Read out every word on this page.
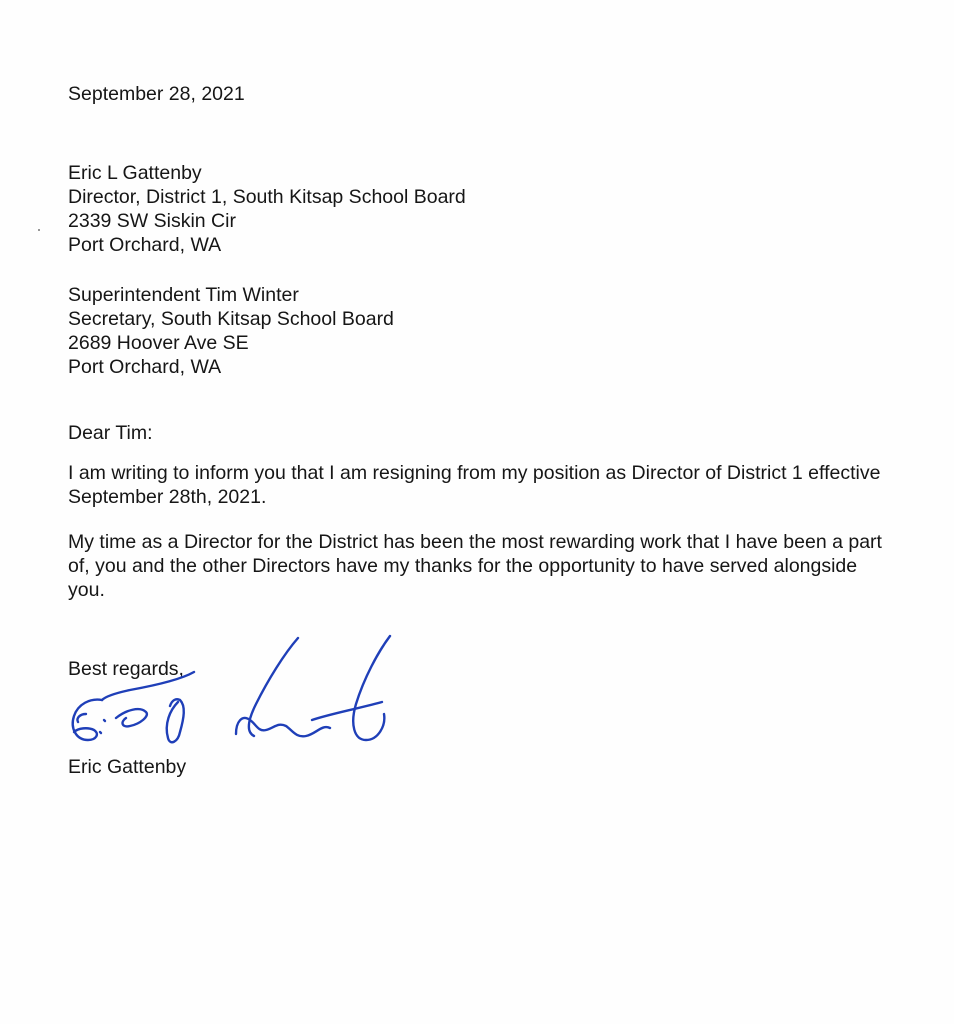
September 28, 2021
Eric L Gattenby
Director, District 1, South Kitsap School Board
2339 SW Siskin Cir
Port Orchard, WA
Superintendent Tim Winter
Secretary, South Kitsap School Board
2689 Hoover Ave SE
Port Orchard, WA
Dear Tim:
I am writing to inform you that I am resigning from my position as Director of District 1 effective September 28th, 2021.
My time as a Director for the District has been the most rewarding work that I have been a part of, you and the other Directors have my thanks for the opportunity to have served alongside you.
Best regards,
Eric Gattenby
